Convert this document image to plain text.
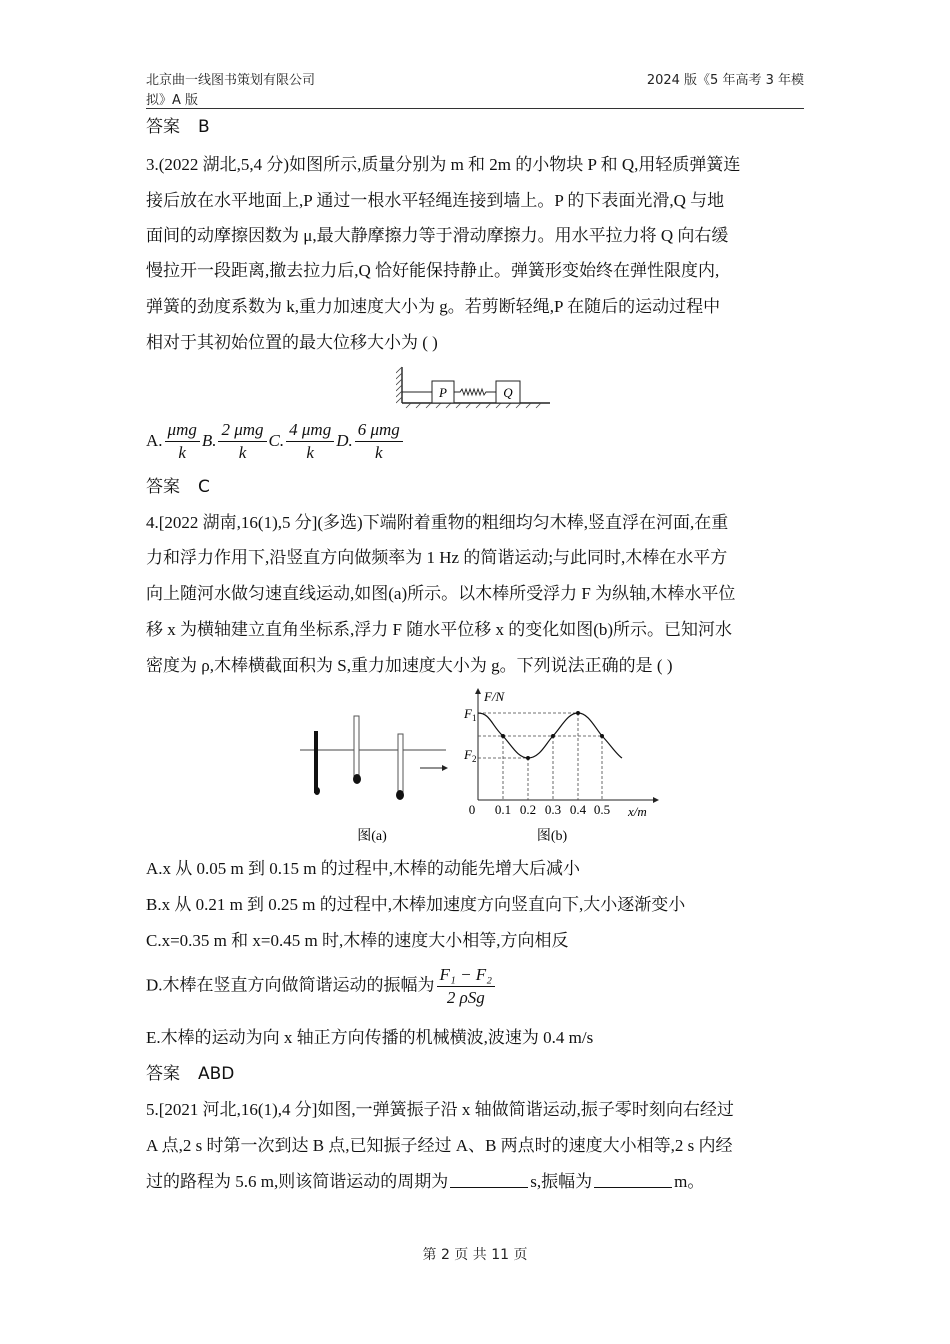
北京曲一线图书策划有限公司
拟》A 版
2024 版《5 年高考 3 年模
答案 B
3.(2022 湖北,5,4 分)如图所示,质量分别为 m 和 2m 的小物块 P 和 Q,用轻质弹簧连
接后放在水平地面上,P 通过一根水平轻绳连接到墙上。P 的下表面光滑,Q 与地
面间的动摩擦因数为 μ,最大静摩擦力等于滑动摩擦力。用水平拉力将 Q 向右缓
慢拉开一段距离,撤去拉力后,Q 恰好能保持静止。弹簧形变始终在弹性限度内,
弹簧的劲度系数为 k,重力加速度大小为 g。若剪断轻绳,P 在随后的运动过程中
相对于其初始位置的最大位移大小为 ( )
P	Q
A. $\frac{\text{μmg}}{k} B$. $\frac{\text{2 μmg}}{k} C$. $\frac{\text{4 μmg}}{k} D$. $\frac{\text{6 μmg}}{k}$
答案 C
4.[2022 湖南,16(1),5 分](多选)下端附着重物的粗细均匀木棒,竖直浮在河面,在重
力和浮力作用下,沿竖直方向做频率为 1 Hz 的简谐运动;与此同时,木棒在水平方
向上随河水做匀速直线运动,如图(a)所示。以木棒所受浮力 F 为纵轴,木棒水平位
移 x 为横轴建立直角坐标系,浮力 F 随水平位移 x 的变化如图(b)所示。已知河水
密度为 ρ,木棒横截面积为 S,重力加速度大小为 g。下列说法正确的是 ( )
图(a)
F/N
x/m
0
$F_1$
$F_2$
0.1 0.2 0.3 0.4 0.5
图(b)
A.x 从 0.05 m 到 0.15 m 的过程中,木棒的动能先增大后减小
B.x 从 0.21 m 到 0.25 m 的过程中,木棒加速度方向竖直向下,大小逐渐变小
C.x=0.35 m 和 x=0.45 m 时,木棒的速度大小相等,方向相反
D.木棒在竖直方向做简谐运动的振幅为 $\frac{\text{F₁ − F₂}}{\text{2 ρSg}}$
E.木棒的运动为向 x 轴正方向传播的机械横波,波速为 0.4 m/s
答案 ABD
5.[2021 河北,16(1),4 分]如图,一弹簧振子沿 x 轴做简谐运动,振子零时刻向右经过
A 点,2 s 时第一次到达 B 点,已知振子经过 A、B 两点时的速度大小相等,2 s 内经
过的路程为 5.6 m,则该简谐运动的周期为	s,振幅为	m。
第 2 页 共 11 页
